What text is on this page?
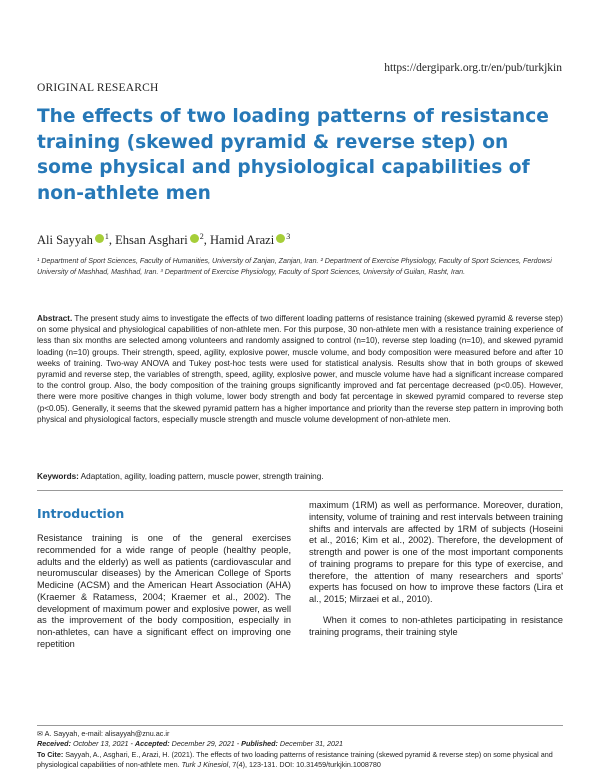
https://dergipark.org.tr/en/pub/turkjkin
ORIGINAL RESEARCH
The effects of two loading patterns of resistance training (skewed pyramid & reverse step) on some physical and physiological capabilities of non-athlete men
Ali Sayyah $^1$, Ehsan Asghari $^2$, Hamid Arazi $^3$
¹ Department of Sport Sciences, Faculty of Humanities, University of Zanjan, Zanjan, Iran. ² Department of Exercise Physiology, Faculty of Sport Sciences, Ferdowsi University of Mashhad, Mashhad, Iran. ³ Department of Exercise Physiology, Faculty of Sport Sciences, University of Guilan, Rasht, Iran.
Abstract. The present study aims to investigate the effects of two different loading patterns of resistance training (skewed pyramid & reverse step) on some physical and physiological capabilities of non-athlete men. For this purpose, 30 non-athlete men with a resistance training experience of less than six months are selected among volunteers and randomly assigned to control (n=10), reverse step loading (n=10), and skewed pyramid loading (n=10) groups. Their strength, speed, agility, explosive power, muscle volume, and body composition were measured before and after 10 weeks of training. Two-way ANOVA and Tukey post-hoc tests were used for statistical analysis. Results show that in both groups of skewed pyramid and reverse step, the variables of strength, speed, agility, explosive power, and muscle volume have had a significant increase compared to the control group. Also, the body composition of the training groups significantly improved and fat percentage decreased (p<0.05). However, there were more positive changes in thigh volume, lower body strength and body fat percentage in skewed pyramid compared to reverse step (p<0.05). Generally, it seems that the skewed pyramid pattern has a higher importance and priority than the reverse step pattern in improving both physical and physiological factors, especially muscle strength and muscle volume development of non-athlete men.
Keywords: Adaptation, agility, loading pattern, muscle power, strength training.
Introduction

Resistance training is one of the general exercises recommended for a wide range of people (healthy people, adults and the elderly) as well as patients (cardiovascular and neuromuscular diseases) by the American College of Sports Medicine (ACSM) and the American Heart Association (AHA) (Kraemer & Ratamess, 2004; Kraemer et al., 2002). The development of maximum power and explosive power, as well as the improvement of the body composition, especially in non-athletes, can have a significant effect on improving one repetition

maximum (1RM) as well as performance. Moreover, duration, intensity, volume of training and rest intervals between training shifts and intervals are affected by 1RM of subjects (Hoseini et al., 2016; Kim et al., 2002). Therefore, the development of strength and power is one of the most important components of training programs to prepare for this type of exercise, and therefore, the attention of many researchers and sports' experts has focused on how to improve these factors (Lira et al., 2015; Mirzaei et al., 2010).

When it comes to non-athletes participating in resistance training programs, their training style

✉ A. Sayyah, e-mail: alisayyah@znu.ac.ir
Received: October 13, 2021 - Accepted: December 29, 2021 - Published: December 31, 2021
To Cite: Sayyah, A., Asghari, E., Arazi, H. (2021). The effects of two loading patterns of resistance training (skewed pyramid & reverse step) on some physical and physiological capabilities of non-athlete men. Turk J Kinesiol, 7(4), 123-131. DOI: 10.31459/turkjkin.1008780
